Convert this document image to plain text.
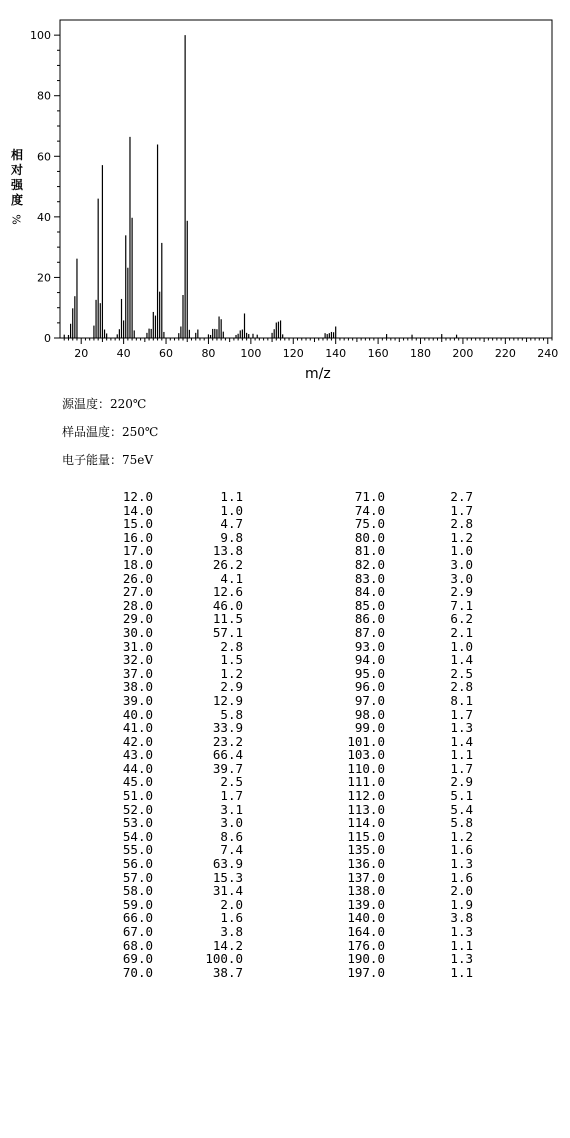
0
20
40
60
80
100
20	40	60	80 100 120 140 160 180 200 220 240
相对强度
%
m/z
源温度：220℃
样品温度：250℃
电子能量：75eV
12.0	1.1	71.0	2.7
14.0	1.0	74.0	1.7
15.0	4.7	75.0	2.8
16.0	9.8	80.0	1.2
17.0	13.8	81.0	1.0
18.0	26.2	82.0	3.0
26.0	4.1	83.0	3.0
27.0	12.6	84.0	2.9
28.0	46.0	85.0	7.1
29.0	11.5	86.0	6.2
30.0	57.1	87.0	2.1
31.0	2.8	93.0	1.0
32.0	1.5	94.0	1.4
37.0	1.2	95.0	2.5
38.0	2.9	96.0	2.8
39.0	12.9	97.0	8.1
40.0	5.8	98.0	1.7
41.0	33.9	99.0	1.3
42.0	23.2	101.0	1.4
43.0	66.4	103.0	1.1
44.0	39.7	110.0	1.7
45.0	2.5	111.0	2.9
51.0	1.7	112.0	5.1
52.0	3.1	113.0	5.4
53.0	3.0	114.0	5.8
54.0	8.6	115.0	1.2
55.0	7.4	135.0	1.6
56.0	63.9	136.0	1.3
57.0	15.3	137.0	1.6
58.0	31.4	138.0	2.0
59.0	2.0	139.0	1.9
66.0	1.6	140.0	3.8
67.0	3.8	164.0	1.3
68.0	14.2	176.0	1.1
69.0	100.0	190.0	1.3
70.0	38.7	197.0	1.1
